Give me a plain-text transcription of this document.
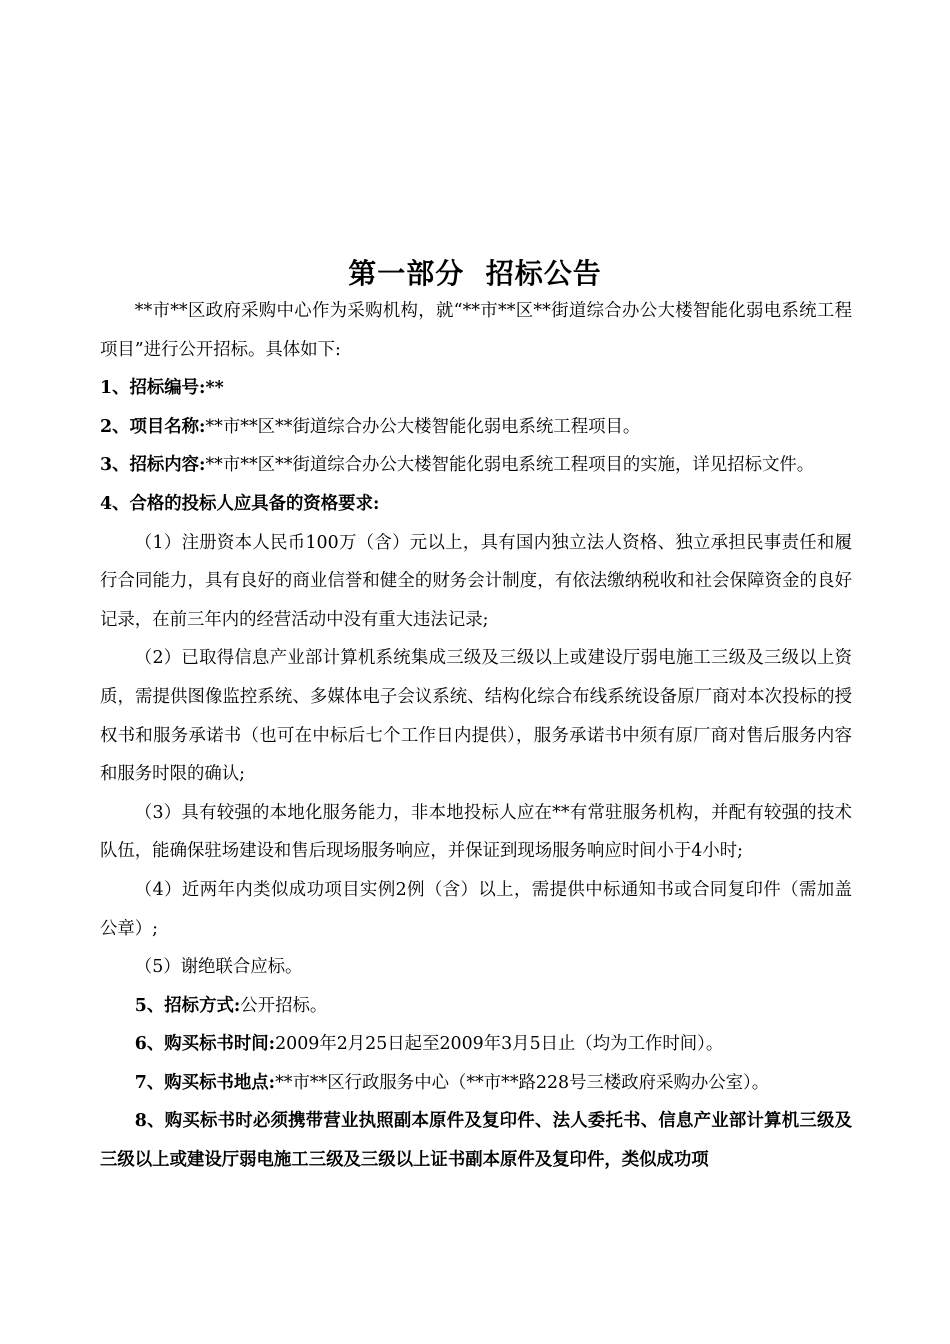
第一部分  招标公告

**市**区政府采购中心作为采购机构，就“**市**区**街道综合办公大楼智能化弱电系统工程项目”进行公开招标。具体如下:

1、招标编号:**

2、项目名称:**市**区**街道综合办公大楼智能化弱电系统工程项目。

3、招标内容:**市**区**街道综合办公大楼智能化弱电系统工程项目的实施，详见招标文件。

4、合格的投标人应具备的资格要求:

（1）注册资本人民币100万（含）元以上，具有国内独立法人资格、独立承担民事责任和履行合同能力，具有良好的商业信誉和健全的财务会计制度，有依法缴纳税收和社会保障资金的良好记录，在前三年内的经营活动中没有重大违法记录;

（2）已取得信息产业部计算机系统集成三级及三级以上或建设厅弱电施工三级及三级以上资质，需提供图像监控系统、多媒体电子会议系统、结构化综合布线系统设备原厂商对本次投标的授权书和服务承诺书（也可在中标后七个工作日内提供），服务承诺书中须有原厂商对售后服务内容和服务时限的确认;

（3）具有较强的本地化服务能力，非本地投标人应在**有常驻服务机构，并配有较强的技术队伍，能确保驻场建设和售后现场服务响应，并保证到现场服务响应时间小于4小时;

（4）近两年内类似成功项目实例2例（含）以上，需提供中标通知书或合同复印件（需加盖公章）;

（5）谢绝联合应标。

5、招标方式:公开招标。

6、购买标书时间:2009年2月25日起至2009年3月5日止（均为工作时间）。

7、购买标书地点:**市**区行政服务中心（**市**路228号三楼政府采购办公室）。

8、购买标书时必须携带营业执照副本原件及复印件、法人委托书、信息产业部计算机三级及三级以上或建设厅弱电施工三级及三级以上证书副本原件及复印件，类似成功项
